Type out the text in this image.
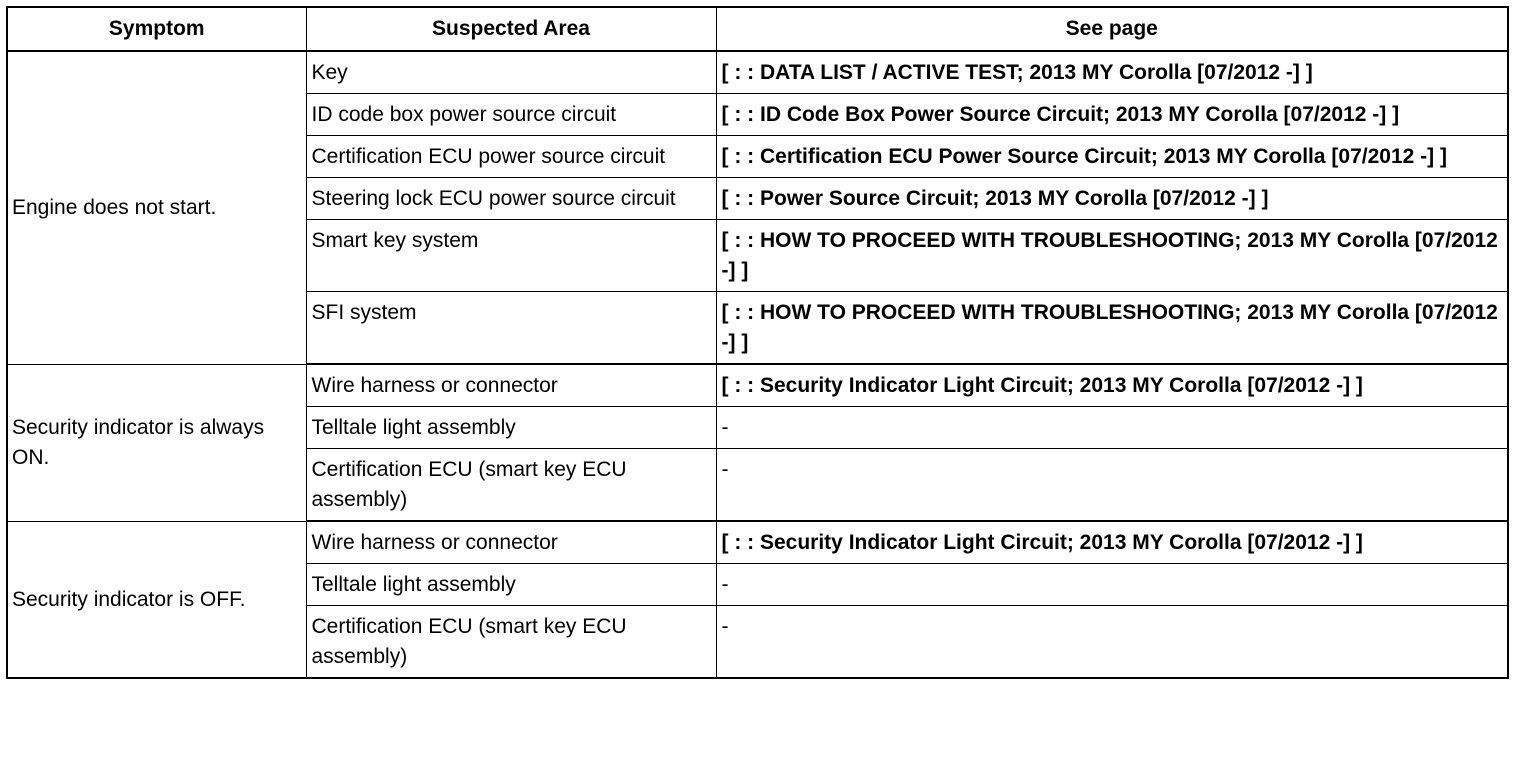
Symptom	Suspected Area	See page
Engine does not start.	Key	[ : : DATA LIST / ACTIVE TEST; 2013 MY Corolla [07/2012 -] ]
	ID code box power source circuit	[ : : ID Code Box Power Source Circuit; 2013 MY Corolla [07/2012 -] ]
	Certification ECU power source circuit	[ : : Certification ECU Power Source Circuit; 2013 MY Corolla [07/2012 -] ]
	Steering lock ECU power source circuit	[ : : Power Source Circuit; 2013 MY Corolla [07/2012 -] ]
	Smart key system	[ : : HOW TO PROCEED WITH TROUBLESHOOTING; 2013 MY Corolla [07/2012 -] ]
	SFI system	[ : : HOW TO PROCEED WITH TROUBLESHOOTING; 2013 MY Corolla [07/2012 -] ]
Security indicator is always ON.	Wire harness or connector	[ : : Security Indicator Light Circuit; 2013 MY Corolla [07/2012 -] ]
	Telltale light assembly	-
	Certification ECU (smart key ECU assembly)	-
Security indicator is OFF.	Wire harness or connector	[ : : Security Indicator Light Circuit; 2013 MY Corolla [07/2012 -] ]
	Telltale light assembly	-
	Certification ECU (smart key ECU assembly)	-
